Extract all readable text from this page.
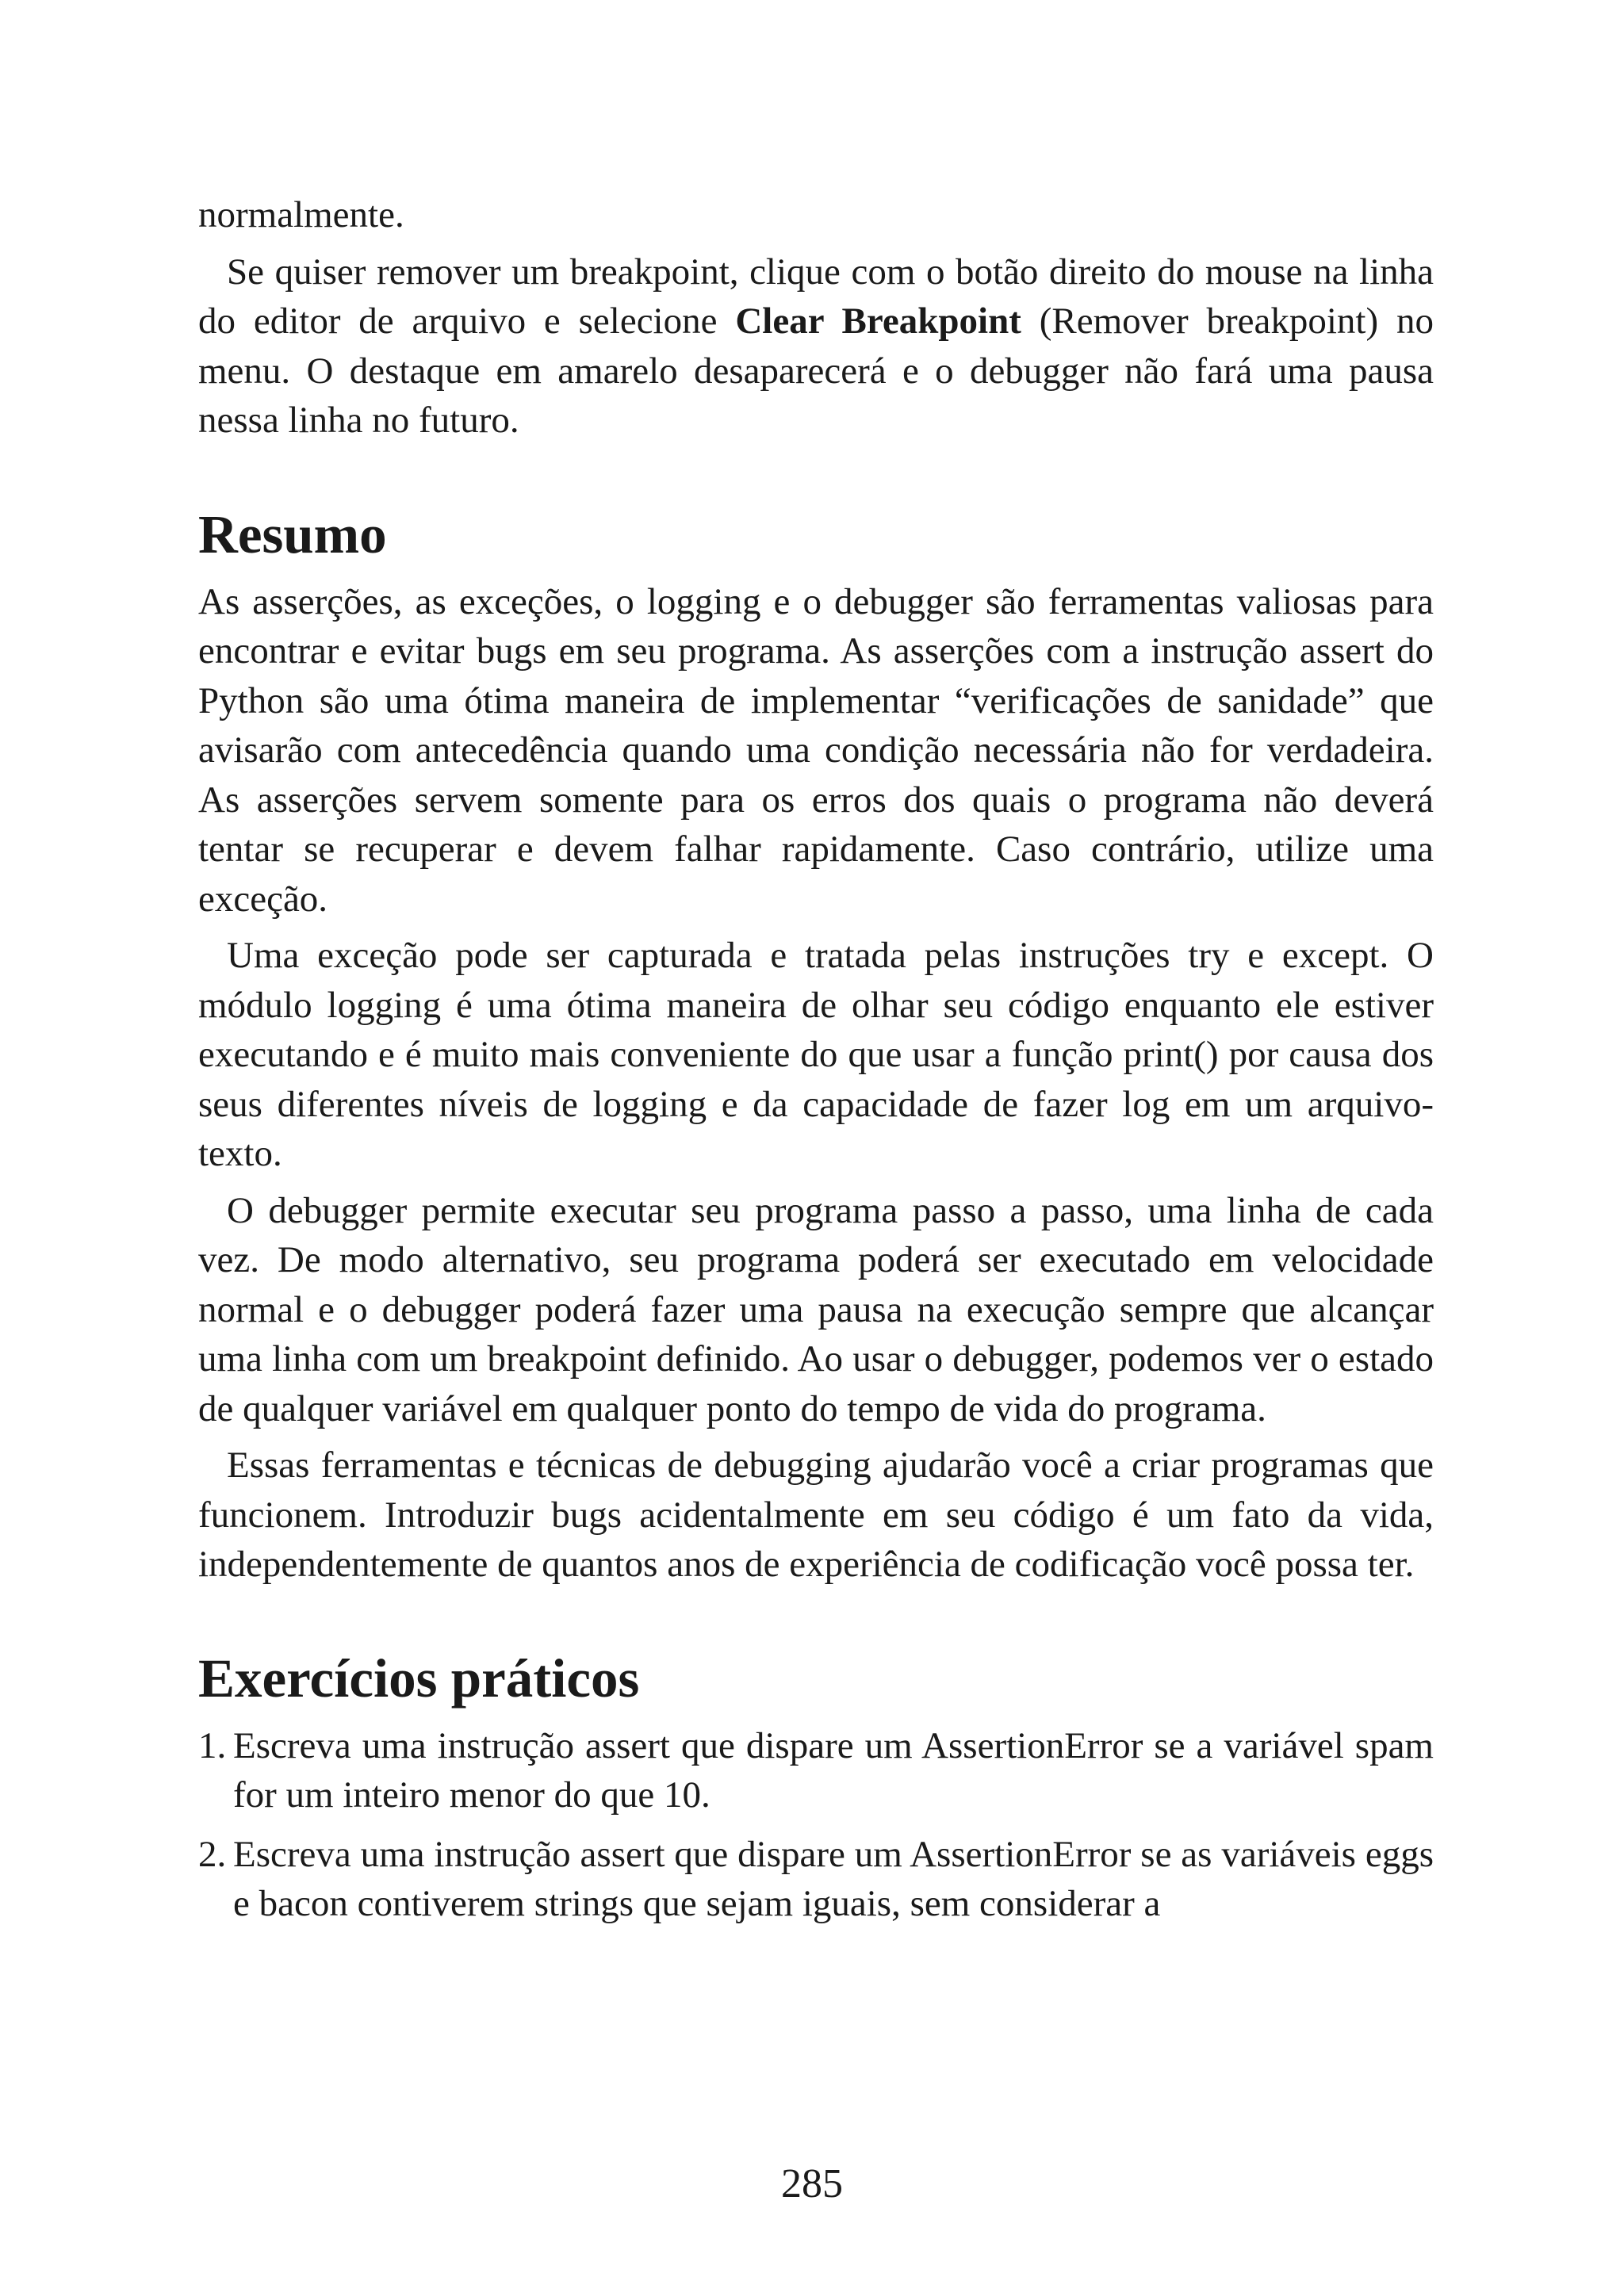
normalmente.

Se quiser remover um breakpoint, clique com o botão direito do mouse na linha do editor de arquivo e selecione Clear Breakpoint (Remover breakpoint) no menu. O destaque em amarelo desaparecerá e o debugger não fará uma pausa nessa linha no futuro.

Resumo

As asserções, as exceções, o logging e o debugger são ferramentas valiosas para encontrar e evitar bugs em seu programa. As asserções com a instrução assert do Python são uma ótima maneira de implementar “verificações de sanidade” que avisarão com antecedência quando uma condição necessária não for verdadeira. As asserções servem somente para os erros dos quais o programa não deverá tentar se recuperar e devem falhar rapidamente. Caso contrário, utilize uma exceção.

Uma exceção pode ser capturada e tratada pelas instruções try e except. O módulo logging é uma ótima maneira de olhar seu código enquanto ele estiver executando e é muito mais conveniente do que usar a função print() por causa dos seus diferentes níveis de logging e da capacidade de fazer log em um arquivo-texto.

O debugger permite executar seu programa passo a passo, uma linha de cada vez. De modo alternativo, seu programa poderá ser executado em velocidade normal e o debugger poderá fazer uma pausa na execução sempre que alcançar uma linha com um breakpoint definido. Ao usar o debugger, podemos ver o estado de qualquer variável em qualquer ponto do tempo de vida do programa.

Essas ferramentas e técnicas de debugging ajudarão você a criar programas que funcionem. Introduzir bugs acidentalmente em seu código é um fato da vida, independentemente de quantos anos de experiência de codificação você possa ter.

Exercícios práticos
1. Escreva uma instrução assert que dispare um AssertionError se a variável spam for um inteiro menor do que 10.
2. Escreva uma instrução assert que dispare um AssertionError se as variáveis eggs e bacon contiverem strings que sejam iguais, sem considerar a
285
